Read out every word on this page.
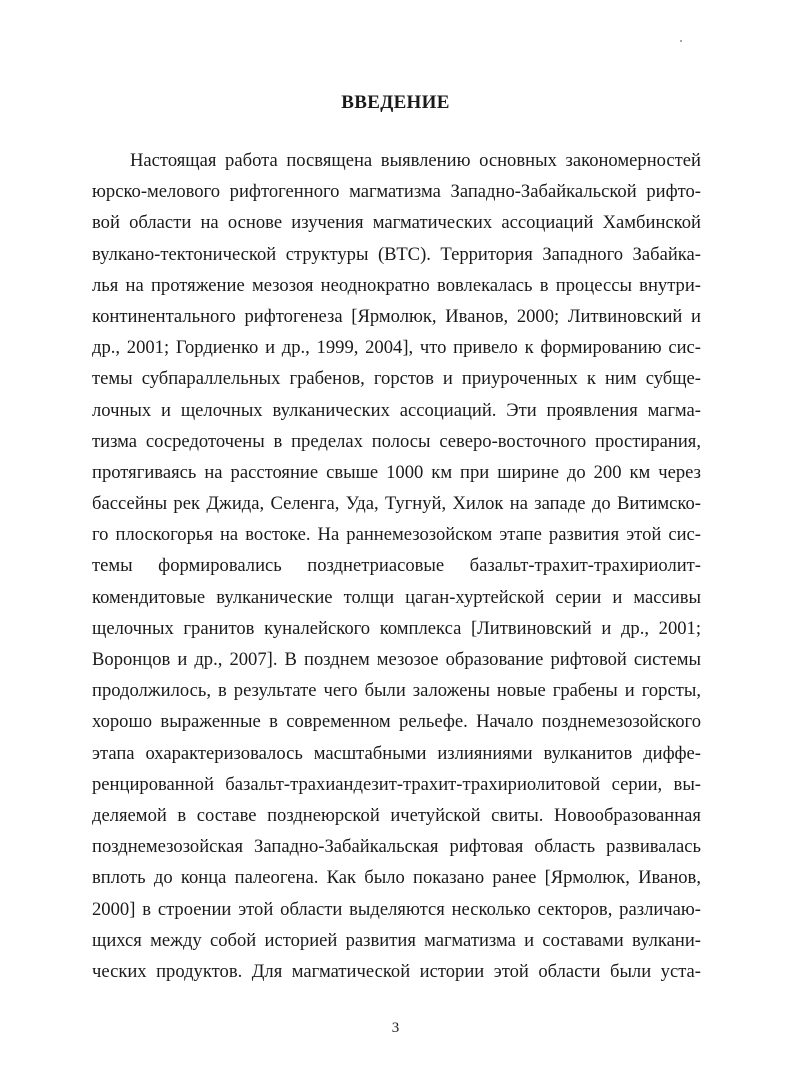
ВВЕДЕНИЕ
Настоящая работа посвящена выявлению основных закономерностей
юрско-мелового рифтогенного магматизма Западно-Забайкальской рифто-
вой области на основе изучения магматических ассоциаций Хамбинской
вулкано-тектонической структуры (ВТС). Территория Западного Забайка-
лья на протяжение мезозоя неоднократно вовлекалась в процессы внутри-
континентального рифтогенеза [Ярмолюк, Иванов, 2000; Литвиновский и
др., 2001; Гордиенко и др., 1999, 2004], что привело к формированию сис-
темы субпараллельных грабенов, горстов и приуроченных к ним субще-
лочных и щелочных вулканических ассоциаций. Эти проявления магма-
тизма сосредоточены в пределах полосы северо-восточного простирания,
протягиваясь на расстояние свыше 1000 км при ширине до 200 км через
бассейны рек Джида, Селенга, Уда, Тугнуй, Хилок на западе до Витимско-
го плоскогорья на востоке. На раннемезозойском этапе развития этой сис-
темы формировались позднетриасовые базальт-трахит-трахириолит-
комендитовые вулканические толщи цаган-хуртейской серии и массивы
щелочных гранитов куналейского комплекса [Литвиновский и др., 2001;
Воронцов и др., 2007]. В позднем мезозое образование рифтовой системы
продолжилось, в результате чего были заложены новые грабены и горсты,
хорошо выраженные в современном рельефе. Начало позднемезозойского
этапа охарактеризовалось масштабными излияниями вулканитов диффе-
ренцированной базальт-трахиандезит-трахит-трахириолитовой серии, вы-
деляемой в составе позднеюрской ичетуйской свиты. Новообразованная
позднемезозойская Западно-Забайкальская рифтовая область развивалась
вплоть до конца палеогена. Как было показано ранее [Ярмолюк, Иванов,
2000] в строении этой области выделяются несколько секторов, различаю-
щихся между собой историей развития магматизма и составами вулкани-
ческих продуктов. Для магматической истории этой области были уста-
3
